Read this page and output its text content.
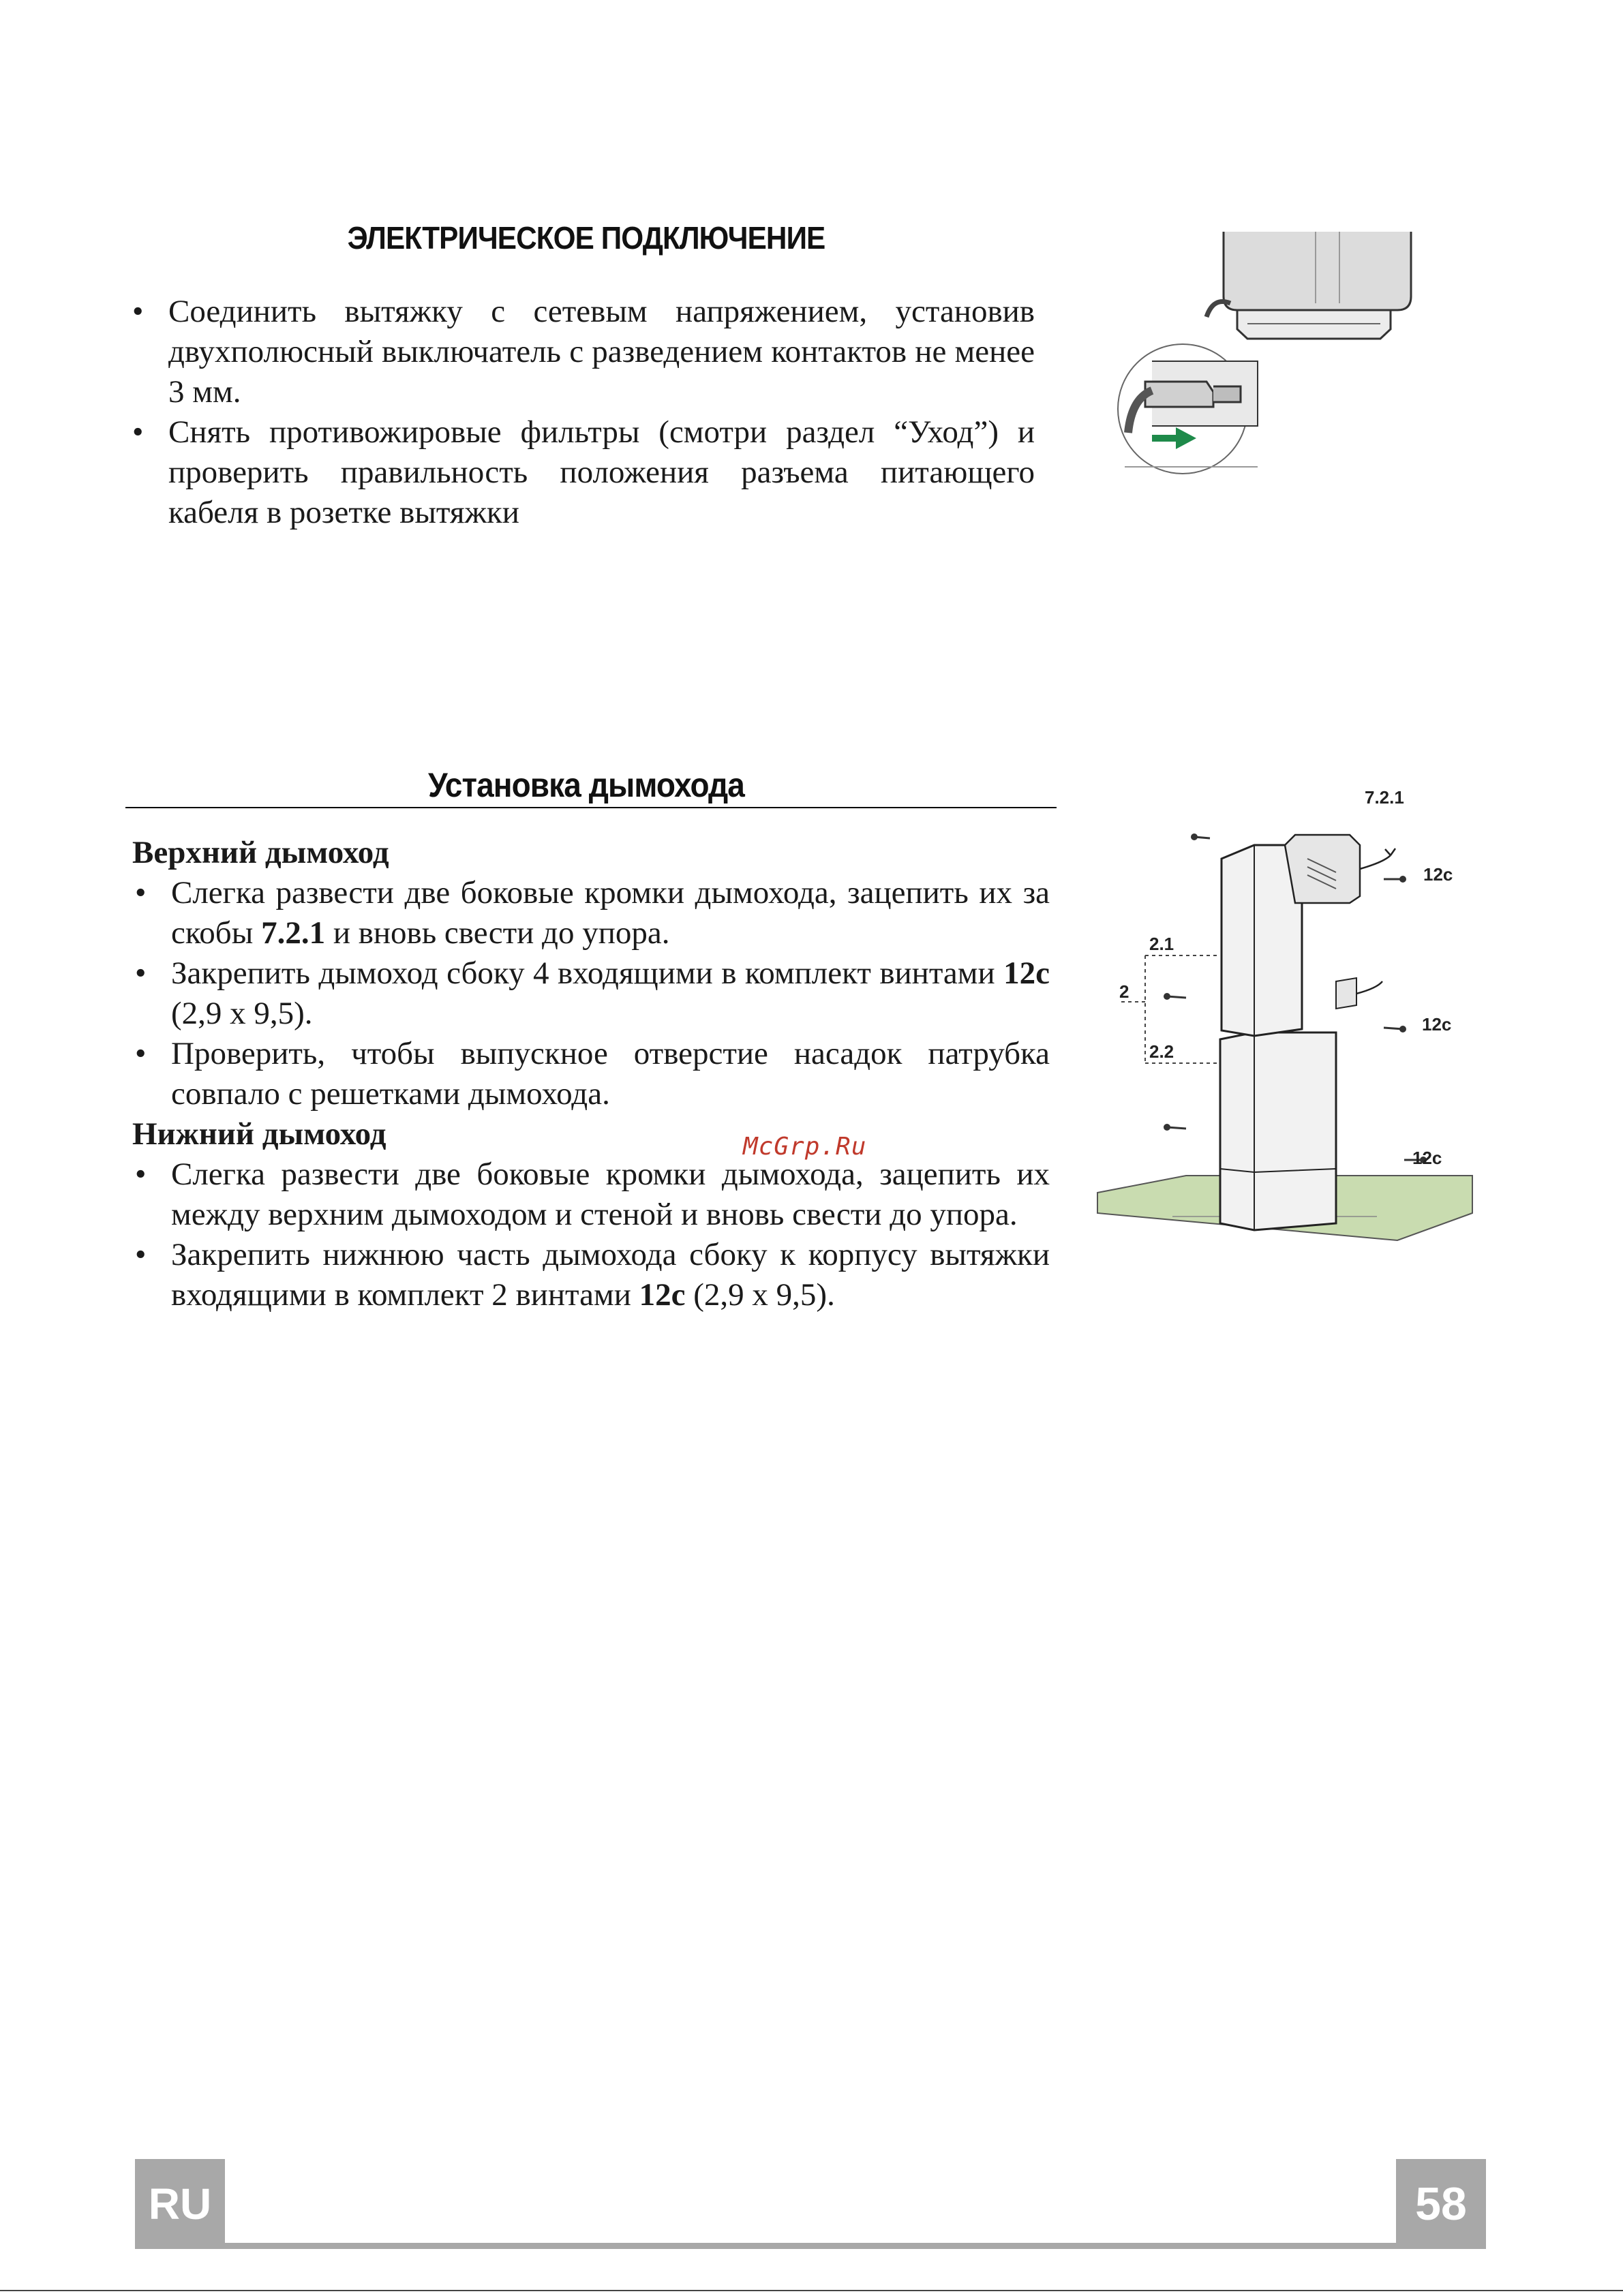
ЭЛЕКТРИЧЕСКОЕ ПОДКЛЮЧЕНИЕ
• Соединить вытяжку с сетевым напряжением, установив двухполюсный выключатель с разведением контактов не менее 3 мм.
• Снять противожировые фильтры (смотри раздел “Уход”) и проверить правильность положения разъема питающего кабеля в розетке вытяжки
Установка дымохода
Верхний дымоход
• Слегка развести две боковые кромки дымохода, зацепить их за скобы 7.2.1 и вновь свести до упора.
• Закрепить дымоход сбоку 4 входящими в комплект винтами 12c (2,9 x 9,5).
• Проверить, чтобы выпускное отверстие насадок патрубка совпало с решетками дымохода.
Нижний дымоход
• Слегка развести две боковые кромки дымохода, зацепить их между верхним дымоходом и стеной и вновь свести до упора.
• Закрепить нижнюю часть дымохода сбоку к корпусу вытяжки входящими в комплект 2 винтами 12c (2,9 x 9,5).
McGrp.Ru
7.2.1
12c
2.1
2
12c
2.2
12c
RU	58
